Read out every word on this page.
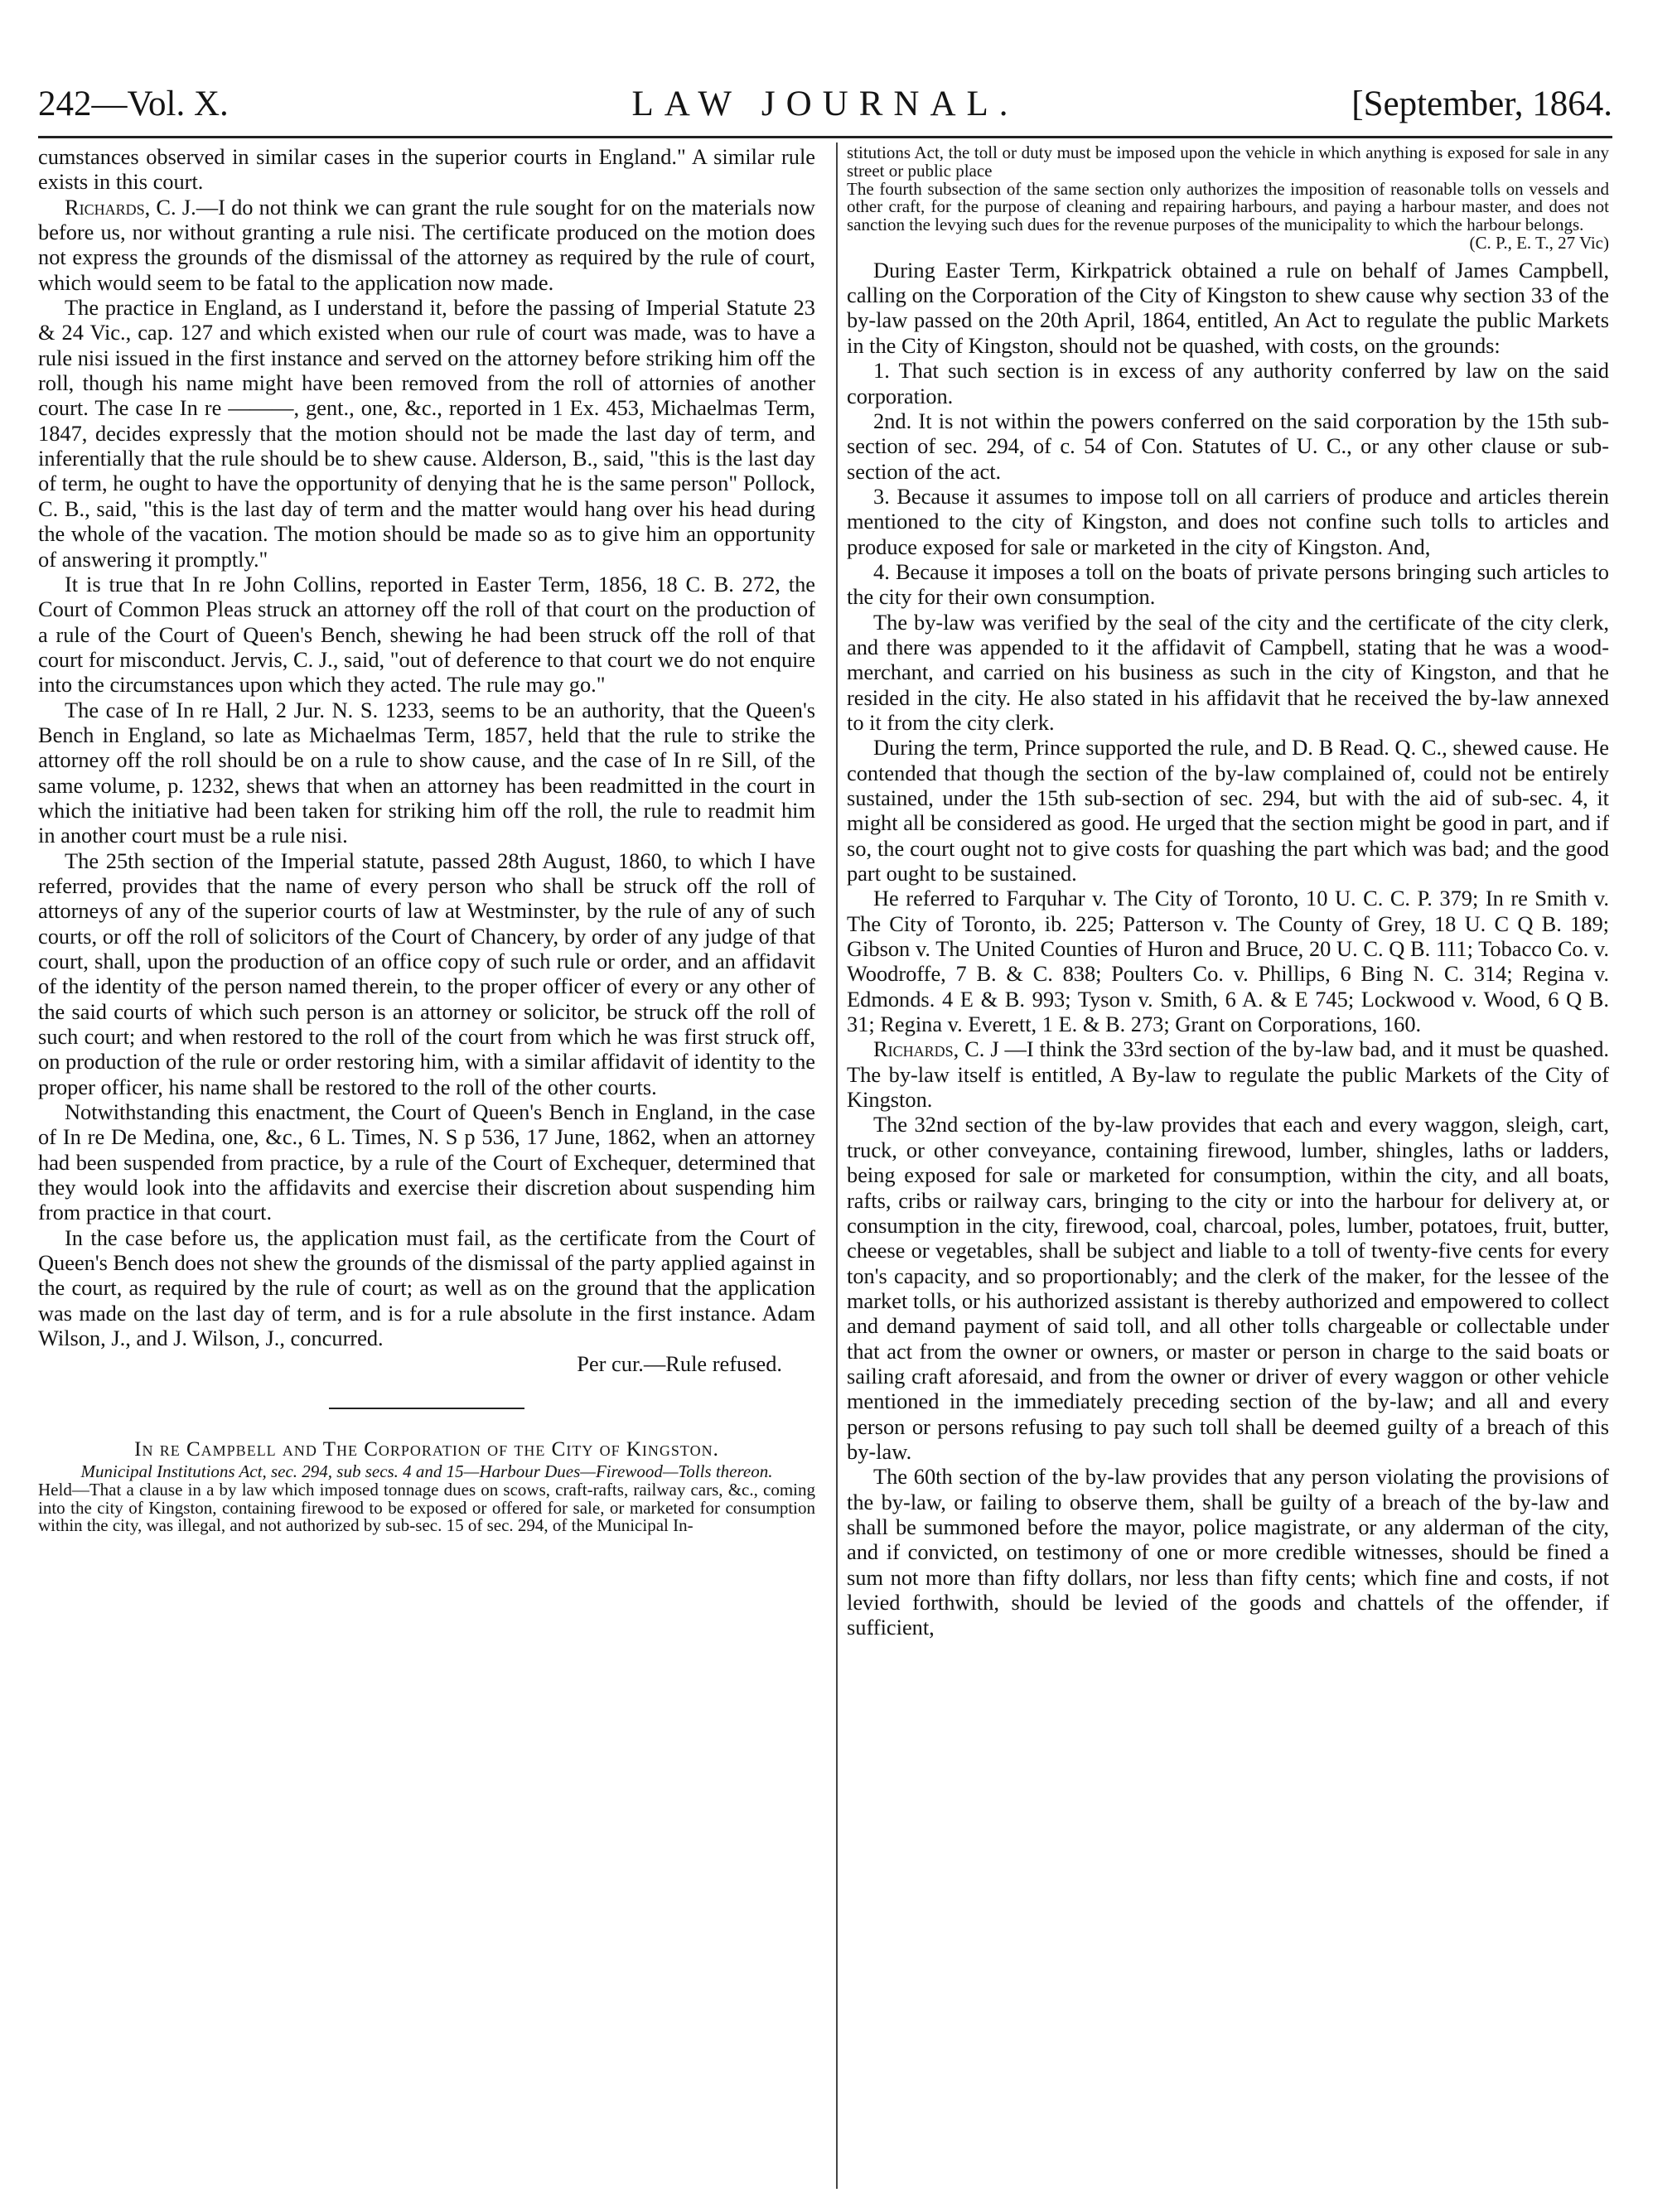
242—Vol. X.	LAW JOURNAL.	[September, 1864.

cumstances observed in similar cases in the superior courts in England." A similar rule exists in this court.

Richards, C. J.—I do not think we can grant the rule sought for on the materials now before us, nor without granting a rule nisi. The certificate produced on the motion does not express the grounds of the dismissal of the attorney as required by the rule of court, which would seem to be fatal to the application now made.

The practice in England, as I understand it, before the passing of Imperial Statute 23 & 24 Vic., cap. 127 and which existed when our rule of court was made, was to have a rule nisi issued in the first instance and served on the attorney before striking him off the roll, though his name might have been removed from the roll of attornies of another court. The case In re ———, gent., one, &c., reported in 1 Ex. 453, Michaelmas Term, 1847, decides expressly that the motion should not be made the last day of term, and inferentially that the rule should be to shew cause. Alderson, B., said, "this is the last day of term, he ought to have the opportunity of denying that he is the same person" Pollock, C. B., said, "this is the last day of term and the matter would hang over his head during the whole of the vacation. The motion should be made so as to give him an opportunity of answering it promptly."

It is true that In re John Collins, reported in Easter Term, 1856, 18 C. B. 272, the Court of Common Pleas struck an attorney off the roll of that court on the production of a rule of the Court of Queen's Bench, shewing he had been struck off the roll of that court for misconduct. Jervis, C. J., said, "out of deference to that court we do not enquire into the circumstances upon which they acted. The rule may go."

The case of In re Hall, 2 Jur. N. S. 1233, seems to be an authority, that the Queen's Bench in England, so late as Michaelmas Term, 1857, held that the rule to strike the attorney off the roll should be on a rule to show cause, and the case of In re Sill, of the same volume, p. 1232, shews that when an attorney has been readmitted in the court in which the initiative had been taken for striking him off the roll, the rule to readmit him in another court must be a rule nisi.

The 25th section of the Imperial statute, passed 28th August, 1860, to which I have referred, provides that the name of every person who shall be struck off the roll of attorneys of any of the superior courts of law at Westminster, by the rule of any of such courts, or off the roll of solicitors of the Court of Chancery, by order of any judge of that court, shall, upon the production of an office copy of such rule or order, and an affidavit of the identity of the person named therein, to the proper officer of every or any other of the said courts of which such person is an attorney or solicitor, be struck off the roll of such court; and when restored to the roll of the court from which he was first struck off, on production of the rule or order restoring him, with a similar affidavit of identity to the proper officer, his name shall be restored to the roll of the other courts.

Notwithstanding this enactment, the Court of Queen's Bench in England, in the case of In re De Medina, one, &c., 6 L. Times, N. S p 536, 17 June, 1862, when an attorney had been suspended from practice, by a rule of the Court of Exchequer, determined that they would look into the affidavits and exercise their discretion about suspending him from practice in that court.

In the case before us, the application must fail, as the certificate from the Court of Queen's Bench does not shew the grounds of the dismissal of the party applied against in the court, as required by the rule of court; as well as on the ground that the application was made on the last day of term, and is for a rule absolute in the first instance. Adam Wilson, J., and J. Wilson, J., concurred.

Per cur.—Rule refused.

In re Campbell and The Corporation of the City of Kingston.

Municipal Institutions Act, sec. 294, sub secs. 4 and 15—Harbour Dues—Firewood—Tolls thereon.

Held—That a clause in a by law which imposed tonnage dues on scows, craft-rafts, railway cars, &c., coming into the city of Kingston, containing firewood to be exposed or offered for sale, or marketed for consumption within the city, was illegal, and not authorized by sub-sec. 15 of sec. 294, of the Municipal In-

stitutions Act, the toll or duty must be imposed upon the vehicle in which anything is exposed for sale in any street or public place

The fourth subsection of the same section only authorizes the imposition of reasonable tolls on vessels and other craft, for the purpose of cleaning and repairing harbours, and paying a harbour master, and does not sanction the levying such dues for the revenue purposes of the municipality to which the harbour belongs.

(C. P., E. T., 27 Vic)

During Easter Term, Kirkpatrick obtained a rule on behalf of James Campbell, calling on the Corporation of the City of Kingston to shew cause why section 33 of the by-law passed on the 20th April, 1864, entitled, An Act to regulate the public Markets in the City of Kingston, should not be quashed, with costs, on the grounds:

1. That such section is in excess of any authority conferred by law on the said corporation.

2nd. It is not within the powers conferred on the said corporation by the 15th sub-section of sec. 294, of c. 54 of Con. Statutes of U. C., or any other clause or sub-section of the act.

3. Because it assumes to impose toll on all carriers of produce and articles therein mentioned to the city of Kingston, and does not confine such tolls to articles and produce exposed for sale or marketed in the city of Kingston. And,

4. Because it imposes a toll on the boats of private persons bringing such articles to the city for their own consumption.

The by-law was verified by the seal of the city and the certificate of the city clerk, and there was appended to it the affidavit of Campbell, stating that he was a wood-merchant, and carried on his business as such in the city of Kingston, and that he resided in the city. He also stated in his affidavit that he received the by-law annexed to it from the city clerk.

During the term, Prince supported the rule, and D. B Read. Q. C., shewed cause. He contended that though the section of the by-law complained of, could not be entirely sustained, under the 15th sub-section of sec. 294, but with the aid of sub-sec. 4, it might all be considered as good. He urged that the section might be good in part, and if so, the court ought not to give costs for quashing the part which was bad; and the good part ought to be sustained.

He referred to Farquhar v. The City of Toronto, 10 U. C. C. P. 379; In re Smith v. The City of Toronto, ib. 225; Patterson v. The County of Grey, 18 U. C Q B. 189; Gibson v. The United Counties of Huron and Bruce, 20 U. C. Q B. 111; Tobacco Co. v. Woodroffe, 7 B. & C. 838; Poulters Co. v. Phillips, 6 Bing N. C. 314; Regina v. Edmonds. 4 E & B. 993; Tyson v. Smith, 6 A. & E 745; Lockwood v. Wood, 6 Q B. 31; Regina v. Everett, 1 E. & B. 273; Grant on Corporations, 160.

Richards, C. J —I think the 33rd section of the by-law bad, and it must be quashed. The by-law itself is entitled, A By-law to regulate the public Markets of the City of Kingston.

The 32nd section of the by-law provides that each and every waggon, sleigh, cart, truck, or other conveyance, containing firewood, lumber, shingles, laths or ladders, being exposed for sale or marketed for consumption, within the city, and all boats, rafts, cribs or railway cars, bringing to the city or into the harbour for delivery at, or consumption in the city, firewood, coal, charcoal, poles, lumber, potatoes, fruit, butter, cheese or vegetables, shall be subject and liable to a toll of twenty-five cents for every ton's capacity, and so proportionably; and the clerk of the maker, for the lessee of the market tolls, or his authorized assistant is thereby authorized and empowered to collect and demand payment of said toll, and all other tolls chargeable or collectable under that act from the owner or owners, or master or person in charge to the said boats or sailing craft aforesaid, and from the owner or driver of every waggon or other vehicle mentioned in the immediately preceding section of the by-law; and all and every person or persons refusing to pay such toll shall be deemed guilty of a breach of this by-law.

The 60th section of the by-law provides that any person violating the provisions of the by-law, or failing to observe them, shall be guilty of a breach of the by-law and shall be summoned before the mayor, police magistrate, or any alderman of the city, and if convicted, on testimony of one or more credible witnesses, should be fined a sum not more than fifty dollars, nor less than fifty cents; which fine and costs, if not levied forthwith, should be levied of the goods and chattels of the offender, if sufficient,
